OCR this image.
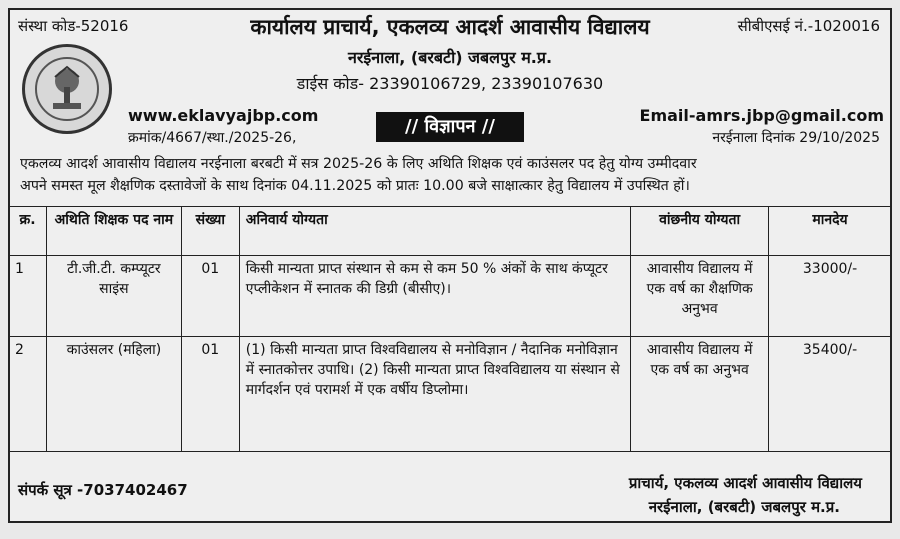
संस्था कोड-52016	सीबीएसई नं.-1020016
कार्यालय प्राचार्य, एकलव्य आदर्श आवासीय विद्यालय
नरईनाला, (बरबटी) जबलपुर म.प्र.
डाईस कोड- 23390106729, 23390107630
www.eklavyajbp.com
क्रमांक/4667/स्था./2025-26,
// विज्ञापन //
Email-amrs.jbp@gmail.com
नरईनाला दिनांक 29/10/2025

एकलव्य आदर्श आवासीय विद्यालय नरईनाला बरबटी में सत्र 2025-26 के लिए अथिति शिक्षक एवं काउंसलर पद हेतु योग्य उम्मीदवार

अपने समस्त मूल शैक्षणिक दस्तावेजों के साथ दिनांक 04.11.2025 को प्रातः 10.00 बजे साक्षात्कार हेतु विद्यालय में उपस्थित हों।

क्र.	अथिति शिक्षक पद नाम	संख्या	अनिवार्य योग्यता	वांछनीय योग्यता	मानदेय
1	टी.जी.टी. कम्प्यूटर साइंस	01	किसी मान्यता प्राप्त संस्थान से कम से कम 50 % अंकों के साथ कंप्यूटर एप्लीकेशन में स्नातक की डिग्री (बीसीए)।	आवासीय विद्यालय में एक वर्ष का शैक्षणिक अनुभव	33000/-
2	काउंसलर (महिला)	01	(1) किसी मान्यता प्राप्त विश्वविद्यालय से मनोविज्ञान / नैदानिक मनोविज्ञान में स्नातकोत्तर उपाधि। (2) किसी मान्यता प्राप्त विश्वविद्यालय या संस्थान से मार्गदर्शन एवं परामर्श में एक वर्षीय डिप्लोमा।	आवासीय विद्यालय में एक वर्ष का अनुभव	35400/-
संपर्क सूत्र -7037402467	प्राचार्य, एकलव्य आदर्श आवासीय विद्यालय
नरईनाला, (बरबटी) जबलपुर म.प्र.
